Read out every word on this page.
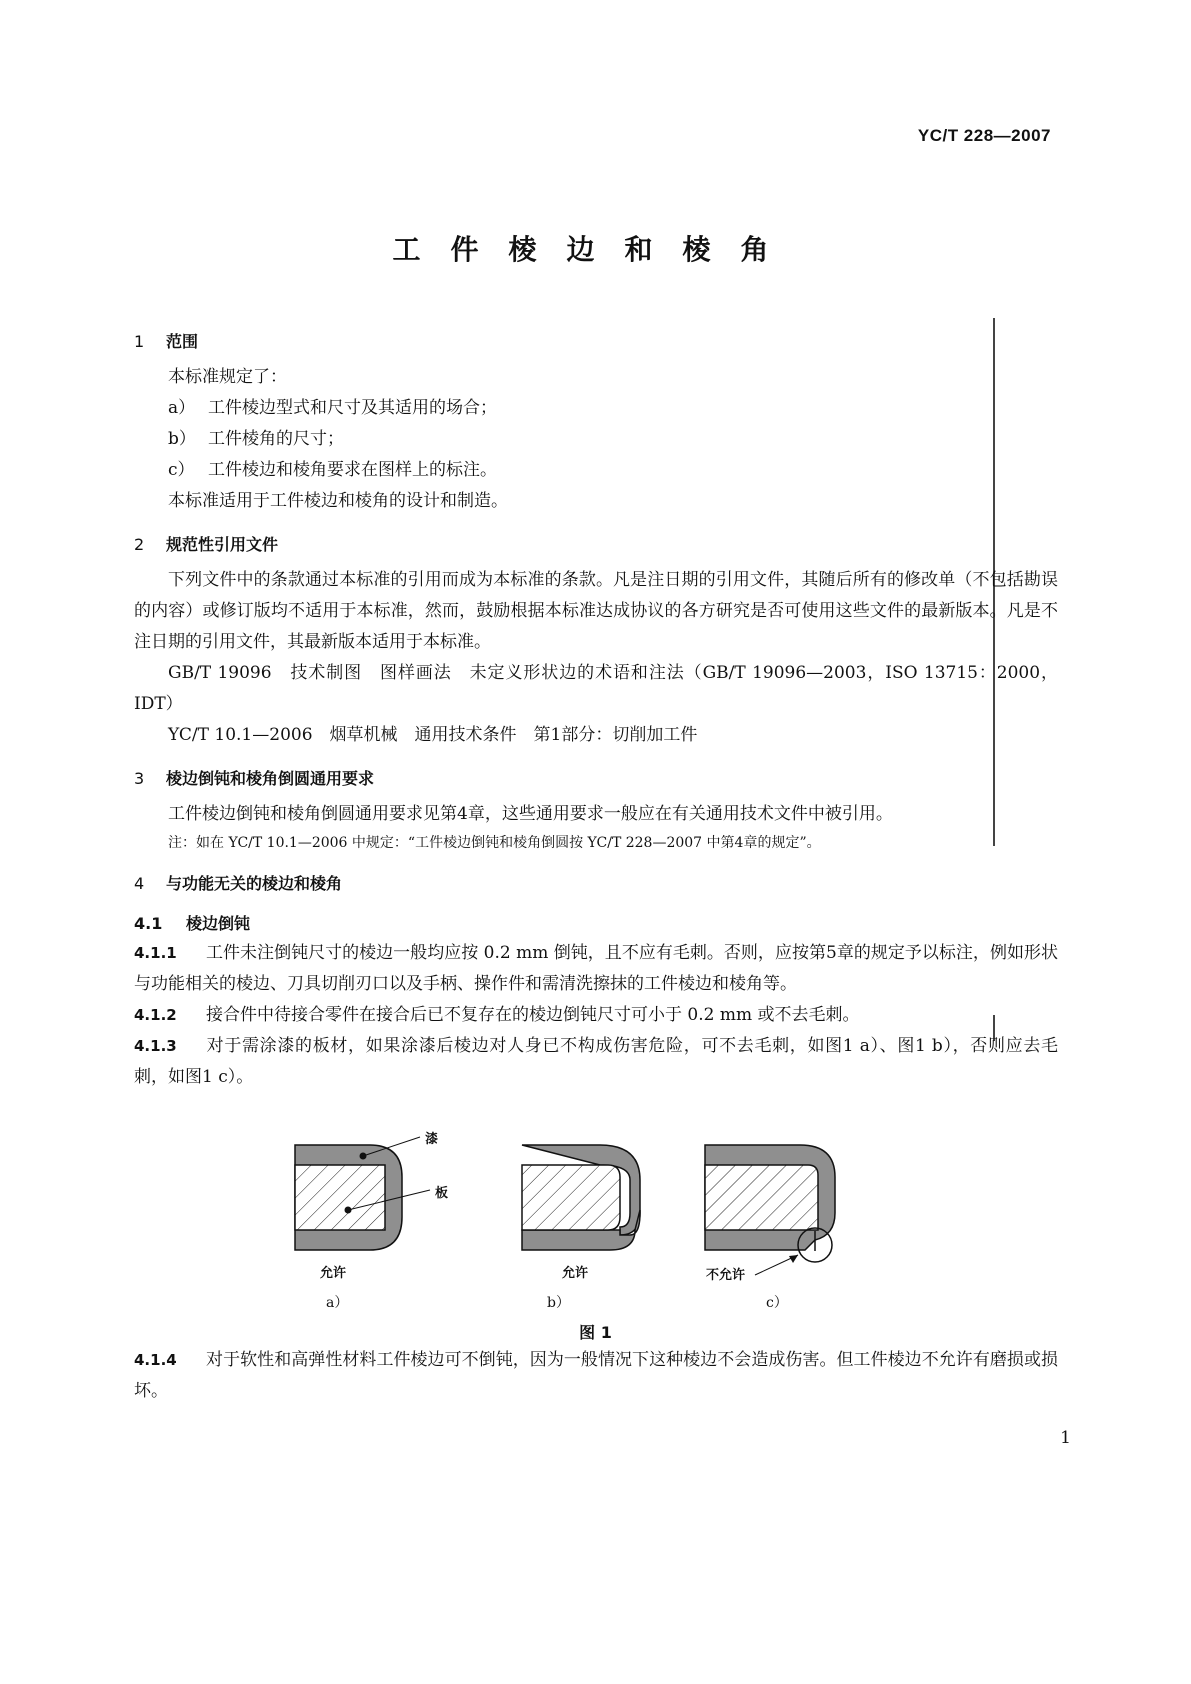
YC/T 228—2007
工件棱边和棱角
1 范围

本标准规定了：

a） 工件棱边型式和尺寸及其适用的场合；

b） 工件棱角的尺寸；

c） 工件棱边和棱角要求在图样上的标注。

本标准适用于工件棱边和棱角的设计和制造。

2 规范性引用文件

下列文件中的条款通过本标准的引用而成为本标准的条款。凡是注日期的引用文件，其随后所有的修改单（不包括勘误的内容）或修订版均不适用于本标准，然而，鼓励根据本标准达成协议的各方研究是否可使用这些文件的最新版本。凡是不注日期的引用文件，其最新版本适用于本标准。

GB/T 19096　技术制图　图样画法　未定义形状边的术语和注法（GB/T 19096—2003，ISO 13715：2000，IDT）

YC/T 10.1—2006　烟草机械　通用技术条件　第1部分：切削加工件

3 棱边倒钝和棱角倒圆通用要求

工件棱边倒钝和棱角倒圆通用要求见第4章，这些通用要求一般应在有关通用技术文件中被引用。

注：如在 YC/T 10.1—2006 中规定：“工件棱边倒钝和棱角倒圆按 YC/T 228—2007 中第4章的规定”。

4 与功能无关的棱边和棱角
4.1 棱边倒钝

4.1.1 工件未注倒钝尺寸的棱边一般均应按 0.2 mm 倒钝，且不应有毛刺。否则，应按第5章的规定予以标注，例如形状与功能相关的棱边、刀具切削刃口以及手柄、操作件和需清洗擦抹的工件棱边和棱角等。

4.1.2 接合件中待接合零件在接合后已不复存在的棱边倒钝尺寸可小于 0.2 mm 或不去毛刺。

4.1.3 对于需涂漆的板材，如果涂漆后棱边对人身已不构成伤害危险，可不去毛刺，如图1 a）、图1 b），否则应去毛刺，如图1 c）。

漆
板
允许	允许	不允许
a）	b）	c）
图 1

4.1.4 对于软性和高弹性材料工件棱边可不倒钝，因为一般情况下这种棱边不会造成伤害。但工件棱边不允许有磨损或损坏。

1
